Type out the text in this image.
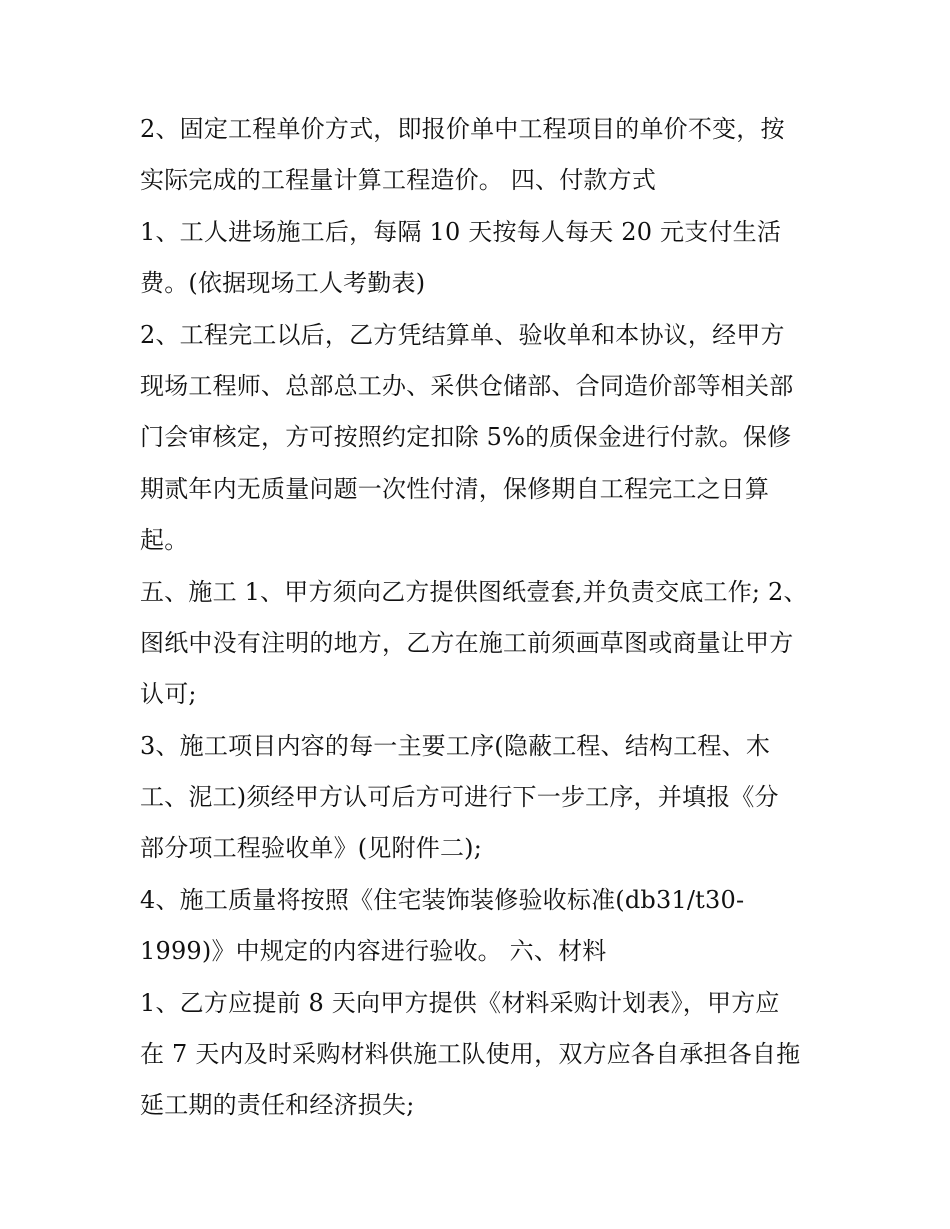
2、固定工程单价方式，即报价单中工程项目的单价不变，按
实际完成的工程量计算工程造价。 四、付款方式
1、工人进场施工后，每隔 10 天按每人每天 20 元支付生活
费。(依据现场工人考勤表)
2、工程完工以后，乙方凭结算单、验收单和本协议，经甲方
现场工程师、总部总工办、采供仓储部、合同造价部等相关部
门会审核定，方可按照约定扣除 5%的质保金进行付款。保修
期贰年内无质量问题一次性付清，保修期自工程完工之日算
起。
五、施工 1、甲方须向乙方提供图纸壹套,并负责交底工作; 2、
图纸中没有注明的地方，乙方在施工前须画草图或商量让甲方
认可;
3、施工项目内容的每一主要工序(隐蔽工程、结构工程、木
工、泥工)须经甲方认可后方可进行下一步工序，并填报《分
部分项工程验收单》(见附件二);
4、施工质量将按照《住宅装饰装修验收标准(db31/t30-
1999)》中规定的内容进行验收。 六、材料
1、乙方应提前 8 天向甲方提供《材料采购计划表》，甲方应
在 7 天内及时采购材料供施工队使用，双方应各自承担各自拖
延工期的责任和经济损失;
